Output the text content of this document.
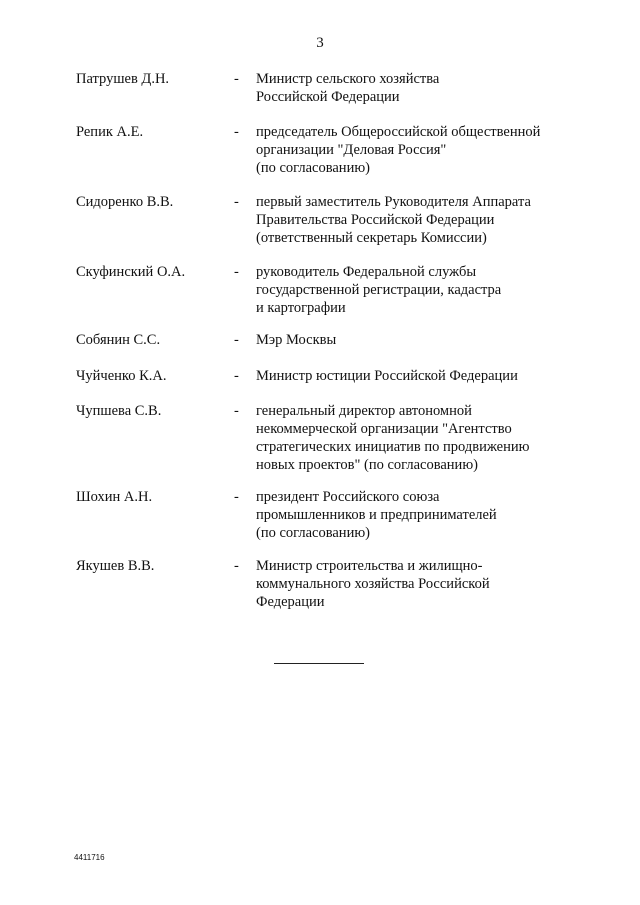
3
Патрушев Д.Н.	- Министр сельского хозяйства
Российской Федерации
Репик А.Е.	- председатель Общероссийской общественной
организации "Деловая Россия"
(по согласованию)
Сидоренко В.В.	- первый заместитель Руководителя Аппарата
Правительства Российской Федерации
(ответственный секретарь Комиссии)
Скуфинский О.А.	- руководитель Федеральной службы
государственной регистрации, кадастра
и картографии
Собянин С.С.	- Мэр Москвы
Чуйченко К.А.	- Министр юстиции Российской Федерации
Чупшева С.В.	- генеральный директор автономной
некоммерческой организации "Агентство
стратегических инициатив по продвижению
новых проектов" (по согласованию)
Шохин А.Н.	- президент Российского союза
промышленников и предпринимателей
(по согласованию)
Якушев В.В.	- Министр строительства и жилищно-
коммунального хозяйства Российской
Федерации
4411716
